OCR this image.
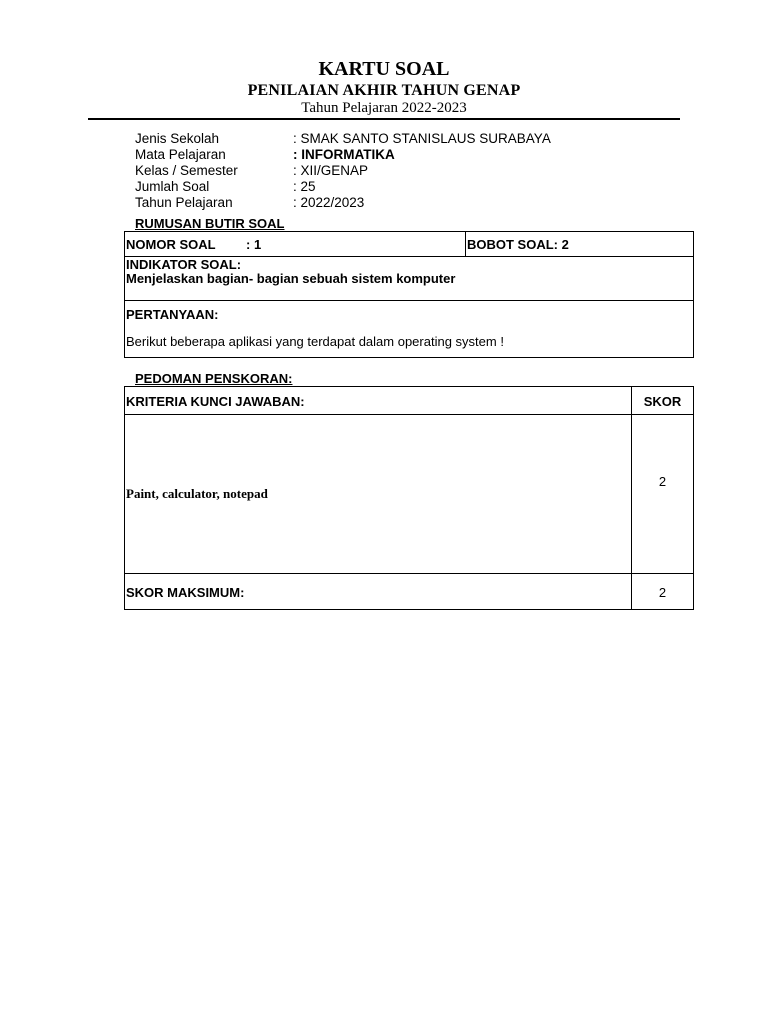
KARTU SOAL
PENILAIAN AKHIR TAHUN GENAP
Tahun Pelajaran 2022-2023
Jenis Sekolah	: SMAK SANTO STANISLAUS SURABAYA
Mata Pelajaran	: INFORMATIKA
Kelas / Semester	: XII/GENAP
Jumlah Soal	: 25
Tahun Pelajaran	: 2022/2023
RUMUSAN BUTIR SOAL
NOMOR SOAL : 1	BOBOT SOAL: 2

INDIKATOR SOAL:
Menjelaskan bagian- bagian sebuah sistem komputer

PERTANYAAN:
Berikut beberapa aplikasi yang terdapat dalam operating system !
PEDOMAN PENSKORAN:
KRITERIA KUNCI JAWABAN:	SKOR

Paint, calculator, notepad	2

SKOR MAKSIMUM:	2
